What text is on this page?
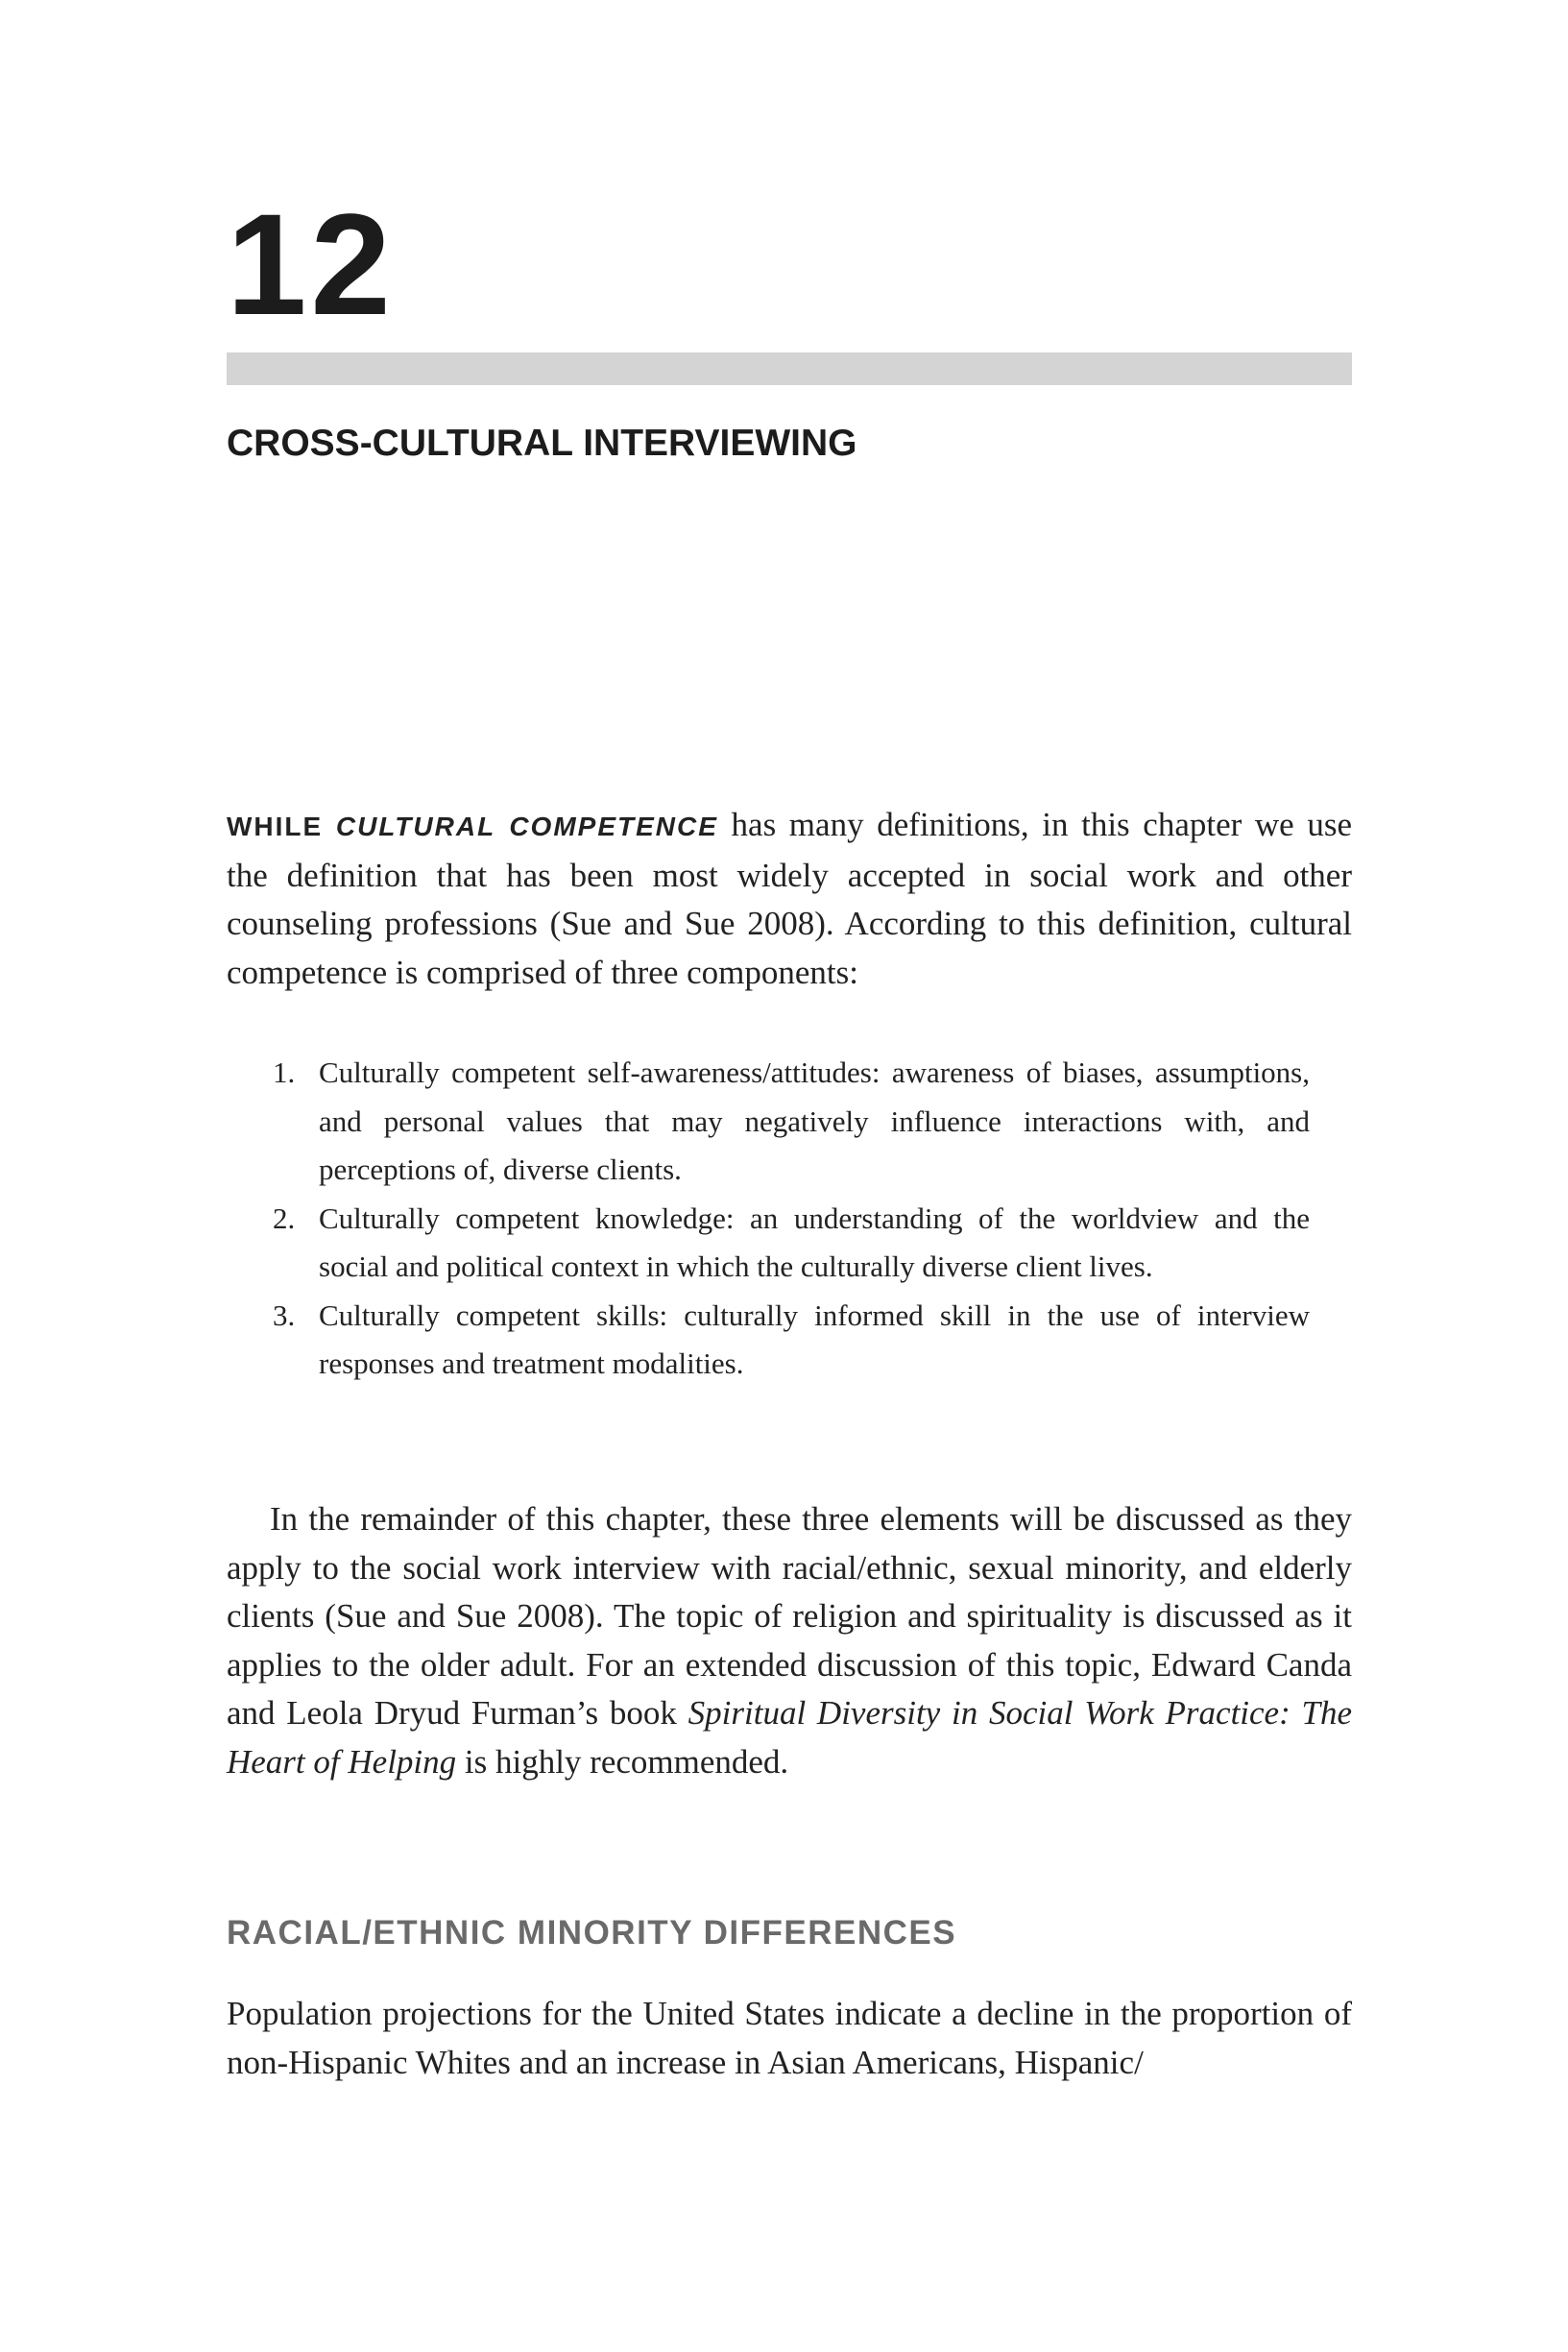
12
CROSS-CULTURAL INTERVIEWING

WHILE CULTURAL COMPETENCE has many definitions, in this chapter we use the definition that has been most widely accepted in social work and other counseling professions (Sue and Sue 2008). According to this definition, cultural competence is comprised of three components:

1. Culturally competent self-awareness/attitudes: awareness of biases, assumptions, and personal values that may negatively influence interactions with, and perceptions of, diverse clients.
2. Culturally competent knowledge: an understanding of the worldview and the social and political context in which the culturally diverse client lives.
3. Culturally competent skills: culturally informed skill in the use of interview responses and treatment modalities.

In the remainder of this chapter, these three elements will be discussed as they apply to the social work interview with racial/ethnic, sexual minority, and elderly clients (Sue and Sue 2008). The topic of religion and spirituality is discussed as it applies to the older adult. For an extended discussion of this topic, Edward Canda and Leola Dryud Furman’s book Spiritual Diversity in Social Work Practice: The Heart of Helping is highly recommended.

RACIAL/ETHNIC MINORITY DIFFERENCES

Population projections for the United States indicate a decline in the proportion of non-Hispanic Whites and an increase in Asian Americans, Hispanic/
